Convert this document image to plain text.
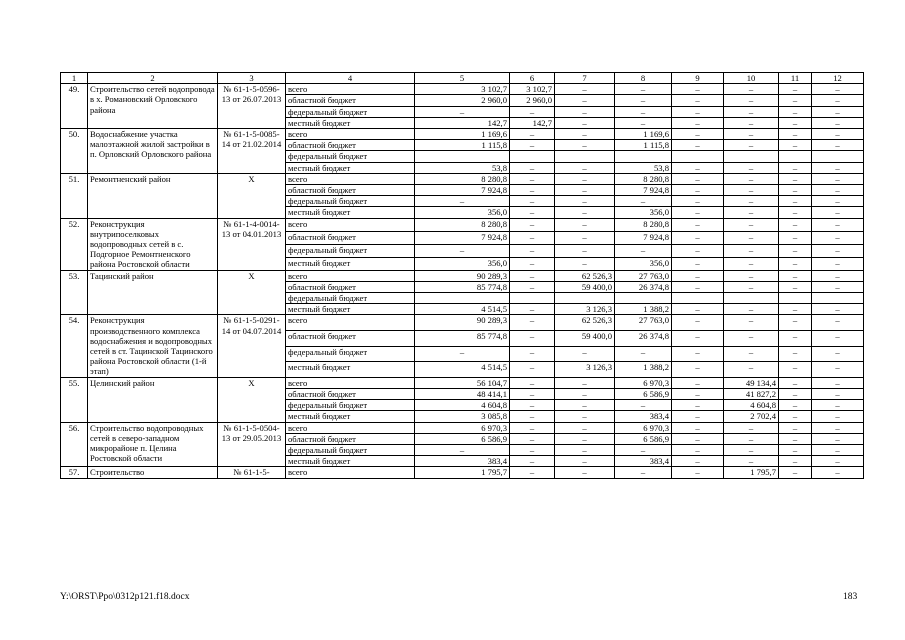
1	2	3	4	5	6	7	8	9	10	11	12
49.	Строительство сетей водопровода в х. Романовский Орловского района	№ 61-1-5-0596-13 от 26.07.2013	всего	3 102,7	3 102,7	–	–	–	–	–	–
			областной бюджет	2 960,0	2 960,0	–	–	–	–	–	–
			федеральный бюджет	–	–	–	–	–	–	–	–
			местный бюджет	142,7	142,7	–	–	–	–	–	–
50.	Водоснабжение участка малоэтажной жилой застройки в п. Орловский Орловского района	№ 61-1-5-0085-14 от 21.02.2014	всего	1 169,6	–	–	1 169,6	–	–	–	–
			областной бюджет	1 115,8	–	–	1 115,8	–	–	–	–
			федеральный бюджет								
			местный бюджет	53,8	–	–	53,8	–	–	–	–
51.	Ремонтненский район	Х	всего	8 280,8	–	–	8 280,8	–	–	–	–
			областной бюджет	7 924,8	–	–	7 924,8	–	–	–	–
			федеральный бюджет	–	–	–	–	–	–	–	–
			местный бюджет	356,0	–	–	356,0	–	–	–	–
52.	Реконструкция внутрипоселковых водопроводных сетей в с. Подгорное Ремонтненского района Ростовской области	№ 61-1-4-0014-13 от 04.01.2013	всего	8 280,8	–	–	8 280,8	–	–	–	–
			областной бюджет	7 924,8	–	–	7 924,8	–	–	–	–
			федеральный бюджет	–	–	–	–	–	–	–	–
			местный бюджет	356,0	–	–	356,0	–	–	–	–
53.	Тацинский район	Х	всего	90 289,3	–	62 526,3	27 763,0	–	–	–	–
			областной бюджет	85 774,8	–	59 400,0	26 374,8	–	–	–	–
			федеральный бюджет								
			местный бюджет	4 514,5	–	3 126,3	1 388,2	–	–	–	–
54.	Реконструкция производственного комплекса водоснабжения и водопроводных сетей в ст. Тацинской Тацинского района Ростовской области (1-й этап)	№ 61-1-5-0291-14 от 04.07.2014	всего	90 289,3	–	62 526,3	27 763,0	–	–	–	–
			областной бюджет	85 774,8	–	59 400,0	26 374,8	–	–	–	–
			федеральный бюджет	–	–	–	–	–	–	–	–
			местный бюджет	4 514,5	–	3 126,3	1 388,2	–	–	–	–
55.	Целинский район	Х	всего	56 104,7	–	–	6 970,3	–	49 134,4	–	–
			областной бюджет	48 414,1	–	–	6 586,9	–	41 827,2	–	–
			федеральный бюджет	4 604,8	–	–	–	–	4 604,8	–	–
			местный бюджет	3 085,8	–	–	383,4	–	2 702,4	–	–
56.	Строительство водопроводных сетей в северо-западном микрорайоне п. Целина Ростовской области	№ 61-1-5-0504-13 от 29.05.2013	всего	6 970,3	–	–	6 970,3	–	–	–	–
			областной бюджет	6 586,9	–	–	6 586,9	–	–	–	–
			федеральный бюджет	–	–	–	–	–	–	–	–
			местный бюджет	383,4	–	–	383,4	–	–	–	–
57.	Строительство	№ 61-1-5-	всего	1 795,7	–	–	–	–	1 795,7	–	–
Y:\ORST\Ppo\0312p121.f18.docx	183
